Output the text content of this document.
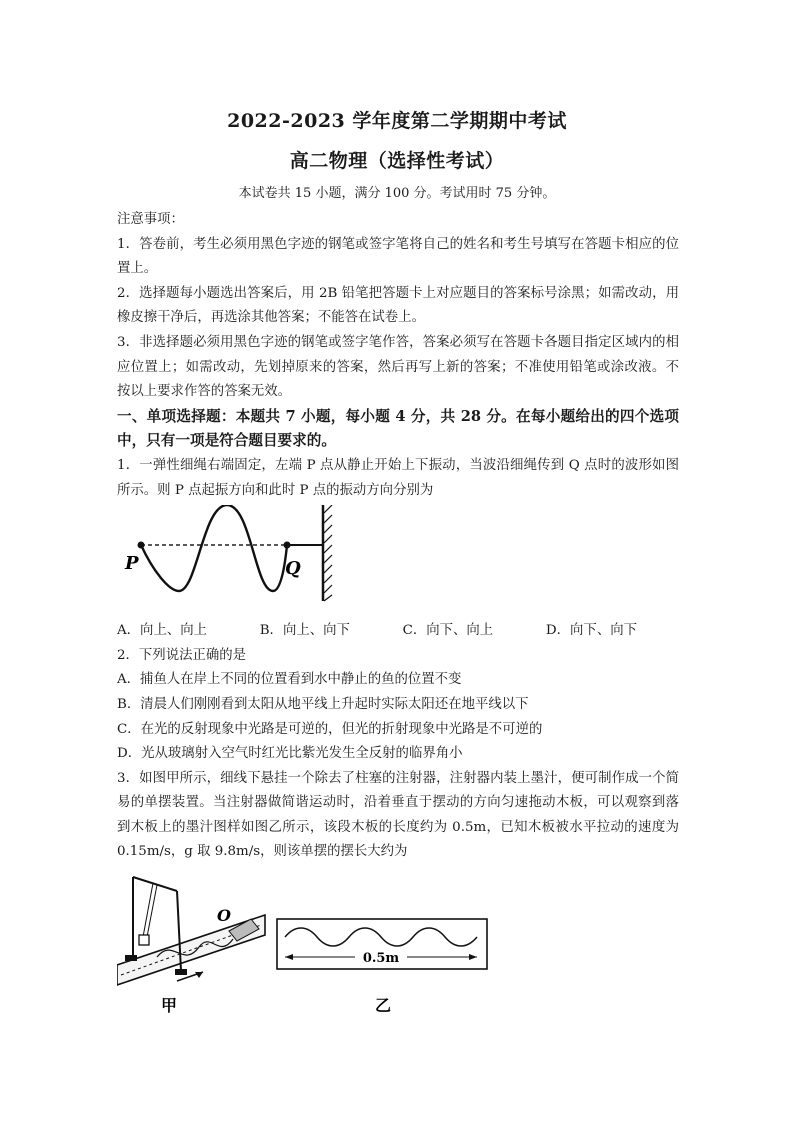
2022-2023 学年度第二学期期中考试
高二物理（选择性考试）
本试卷共 15 小题，满分 100 分。考试用时 75 分钟。

注意事项：

1．答卷前，考生必须用黑色字迹的钢笔或签字笔将自己的姓名和考生号填写在答题卡相应的位置上。

2．选择题每小题选出答案后，用 2B 铅笔把答题卡上对应题目的答案标号涂黑；如需改动，用橡皮擦干净后，再选涂其他答案；不能答在试卷上。

3．非选择题必须用黑色字迹的钢笔或签字笔作答，答案必须写在答题卡各题目指定区域内的相应位置上；如需改动，先划掉原来的答案，然后再写上新的答案；不准使用铅笔或涂改液。不按以上要求作答的答案无效。

一、单项选择题：本题共 7 小题，每小题 4 分，共 28 分。在每小题给出的四个选项中，只有一项是符合题目要求的。

1．一弹性细绳右端固定，左端 P 点从静止开始上下振动，当波沿细绳传到 Q 点时的波形如图所示。则 P 点起振方向和此时 P 点的振动方向分别为

P	Q
A．向上、向上	B．向上、向下	C．向下、向上	D．向下、向下

2．下列说法正确的是

A．捕鱼人在岸上不同的位置看到水中静止的鱼的位置不变

B．清晨人们刚刚看到太阳从地平线上升起时实际太阳还在地平线以下

C．在光的反射现象中光路是可逆的，但光的折射现象中光路是不可逆的

D．光从玻璃射入空气时红光比紫光发生全反射的临界角小

3．如图甲所示，细线下悬挂一个除去了柱塞的注射器，注射器内装上墨汁，便可制作成一个简易的单摆装置。当注射器做简谐运动时，沿着垂直于摆动的方向匀速拖动木板，可以观察到落到木板上的墨汁图样如图乙所示，该段木板的长度约为 0.5m，已知木板被水平拉动的速度为 0.15m/s，g 取 9.8m/s，则该单摆的摆长大约为

O
甲
0.5m
乙
